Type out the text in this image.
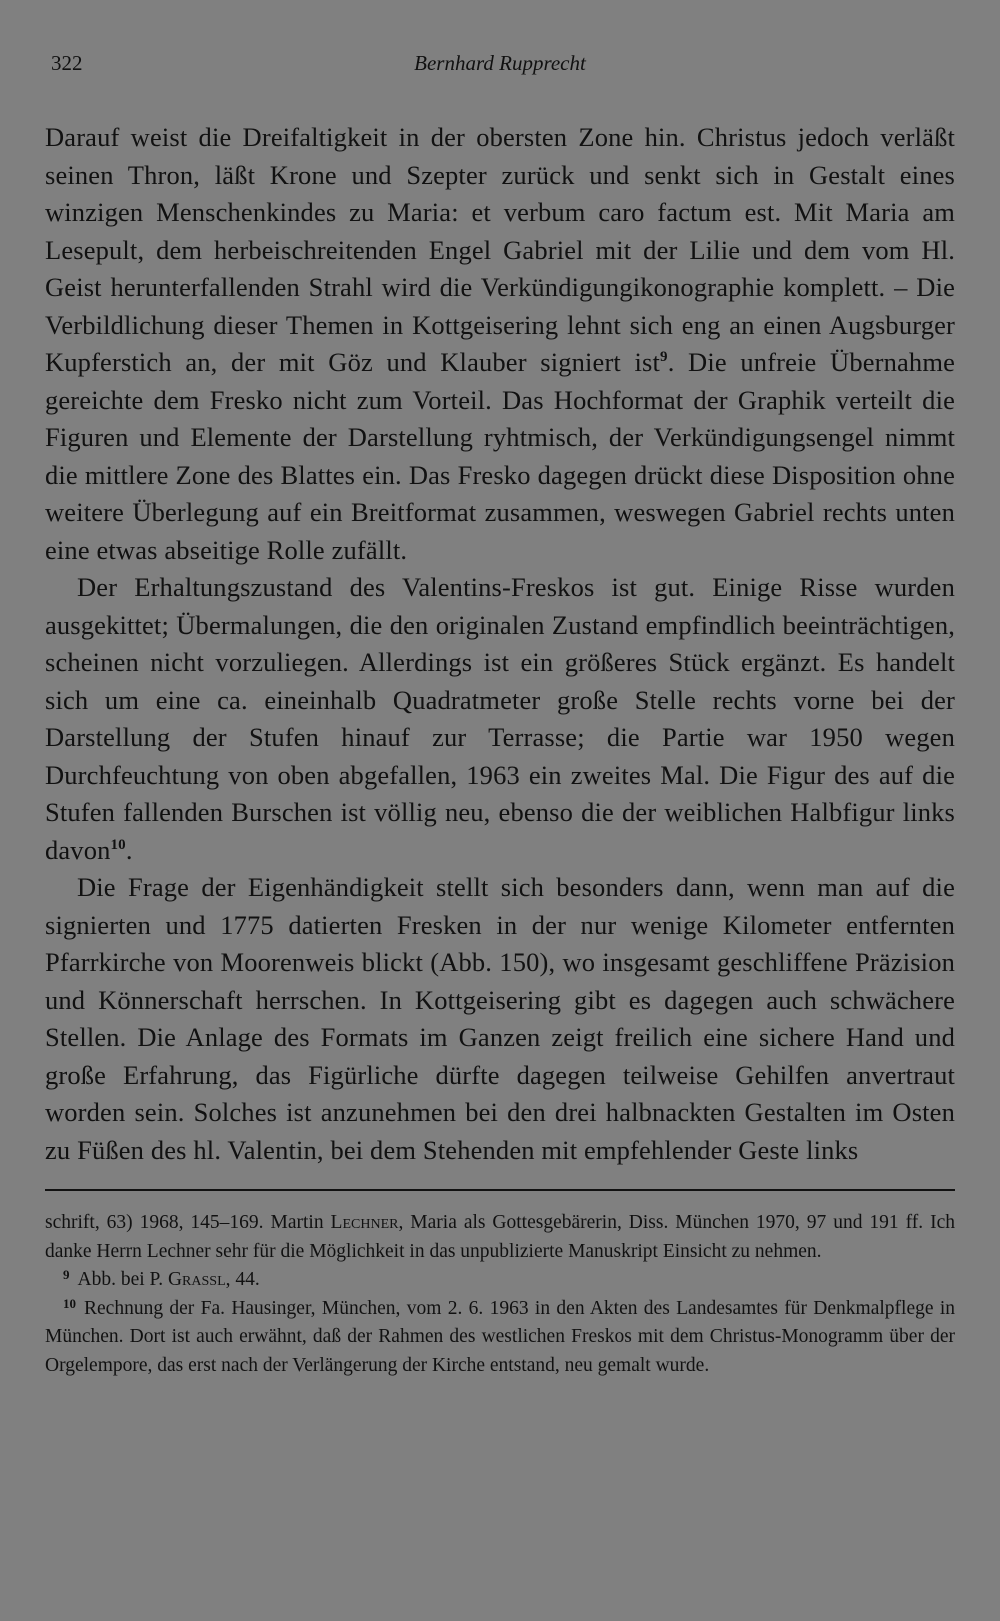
322	Bernhard Rupprecht

Darauf weist die Dreifaltigkeit in der obersten Zone hin. Christus jedoch verläßt seinen Thron, läßt Krone und Szepter zurück und senkt sich in Gestalt eines winzigen Menschenkindes zu Maria: et verbum caro factum est. Mit Maria am Lesepult, dem herbeischreitenden Engel Gabriel mit der Lilie und dem vom Hl. Geist herunterfallenden Strahl wird die Verkündigungikonographie komplett. – Die Verbildlichung dieser Themen in Kottgeisering lehnt sich eng an einen Augsburger Kupferstich an, der mit Göz und Klauber signiert ist$^9$. Die unfreie Übernahme gereichte dem Fresko nicht zum Vorteil. Das Hochformat der Graphik verteilt die Figuren und Elemente der Darstellung ryhtmisch, der Verkündigungsengel nimmt die mittlere Zone des Blattes ein. Das Fresko dagegen drückt diese Disposition ohne weitere Überlegung auf ein Breitformat zusammen, weswegen Gabriel rechts unten eine etwas abseitige Rolle zufällt.

Der Erhaltungszustand des Valentins-Freskos ist gut. Einige Risse wurden ausgekittet; Übermalungen, die den originalen Zustand empfindlich beeinträchtigen, scheinen nicht vorzuliegen. Allerdings ist ein größeres Stück ergänzt. Es handelt sich um eine ca. eineinhalb Quadratmeter große Stelle rechts vorne bei der Darstellung der Stufen hinauf zur Terrasse; die Partie war 1950 wegen Durchfeuchtung von oben abgefallen, 1963 ein zweites Mal. Die Figur des auf die Stufen fallenden Burschen ist völlig neu, ebenso die der weiblichen Halbfigur links davon$^{10}$.

Die Frage der Eigenhändigkeit stellt sich besonders dann, wenn man auf die signierten und 1775 datierten Fresken in der nur wenige Kilometer entfernten Pfarrkirche von Moorenweis blickt (Abb. 150), wo insgesamt geschliffene Präzision und Könnerschaft herrschen. In Kottgeisering gibt es dagegen auch schwächere Stellen. Die Anlage des Formats im Ganzen zeigt freilich eine sichere Hand und große Erfahrung, das Figürliche dürfte dagegen teilweise Gehilfen anvertraut worden sein. Solches ist anzunehmen bei den drei halbnackten Gestalten im Osten zu Füßen des hl. Valentin, bei dem Stehenden mit empfehlender Geste links

schrift, 63) 1968, 145–169. Martin Lechner, Maria als Gottesgebärerin, Diss. München 1970, 97 und 191 ff. Ich danke Herrn Lechner sehr für die Möglichkeit in das unpublizierte Manuskript Einsicht zu nehmen.

$^9$ Abb. bei P. Grassl, 44.

$^{10}$ Rechnung der Fa. Hausinger, München, vom 2. 6. 1963 in den Akten des Landesamtes für Denkmalpflege in München. Dort ist auch erwähnt, daß der Rahmen des westlichen Freskos mit dem Christus-Monogramm über der Orgelempore, das erst nach der Verlängerung der Kirche entstand, neu gemalt wurde.
